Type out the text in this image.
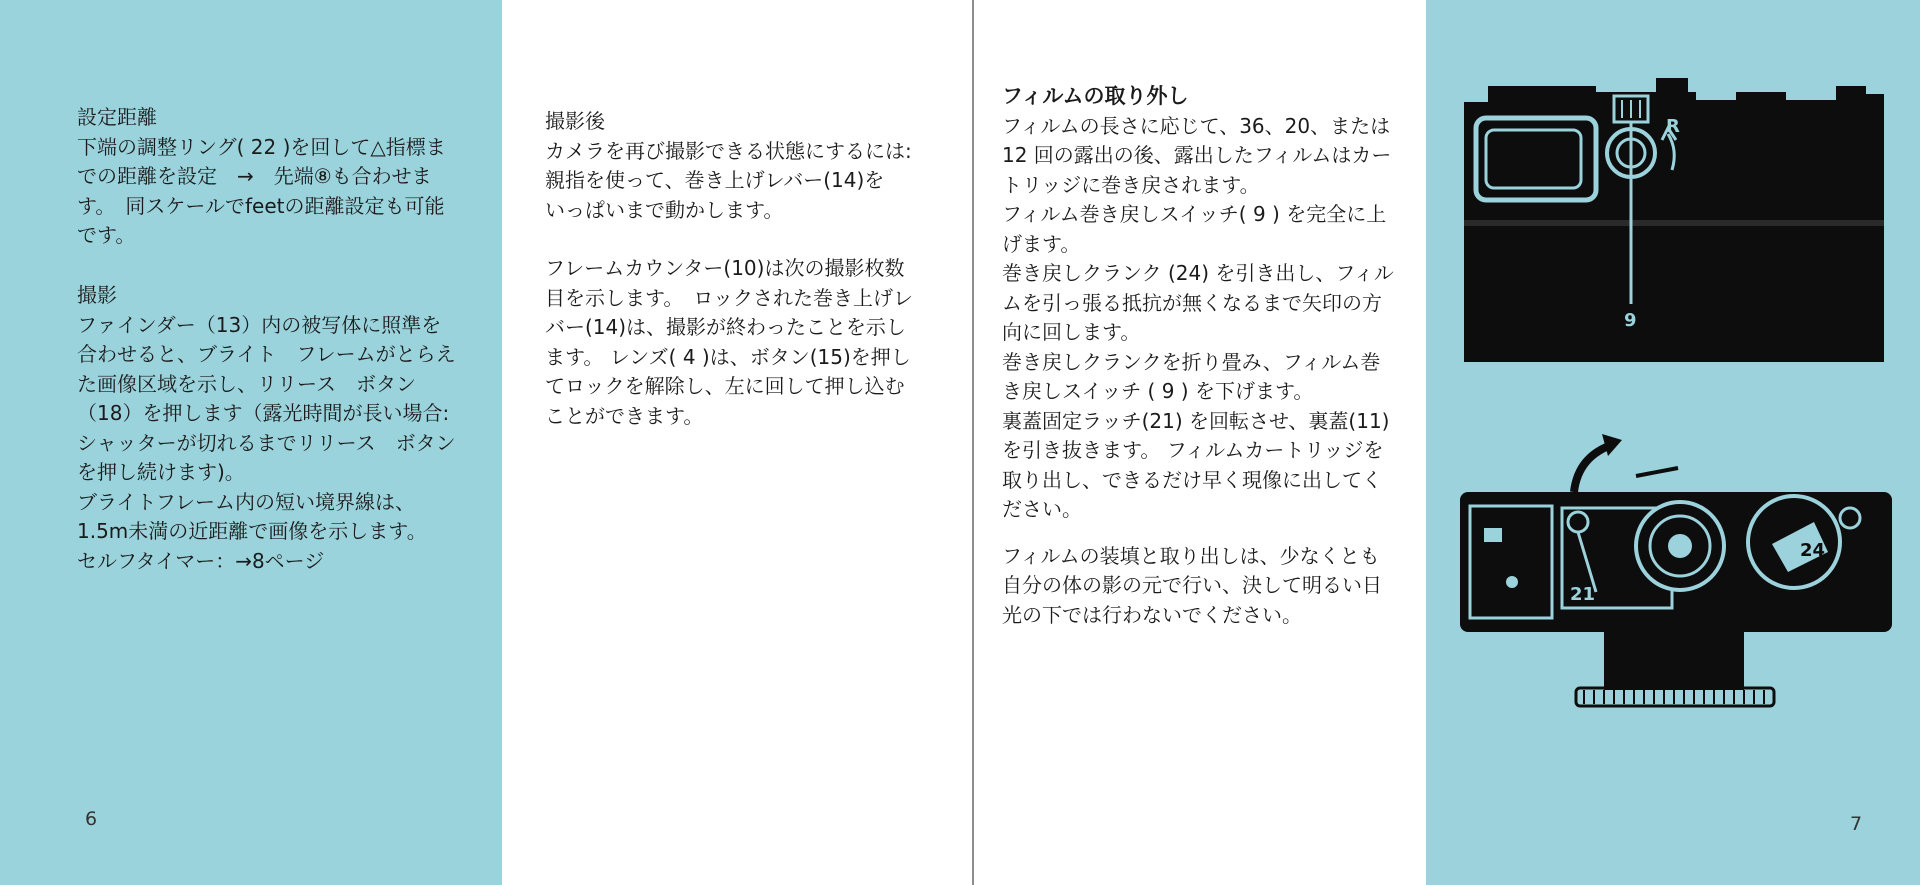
設定距離

下端の調整リング( 22 )を回して△指標ま

での距離を設定　→　先端⑧も合わせま

す。　同スケールでfeetの距離設定も可能

です。

撮影

ファインダー（13）内の被写体に照準を

合わせると、ブライト　フレームがとらえ

た画像区域を示し、リリース　ボタン

（18）を押します（露光時間が長い場合:

シャッターが切れるまでリリース　ボタン

を押し続けます)。

ブライトフレーム内の短い境界線は、

1.5m未満の近距離で画像を示します。

セルフタイマー：→8ページ

6

撮影後

カメラを再び撮影できる状態にするには:

親指を使って、巻き上げレバー(14)を

いっぱいまで動かします。

フレームカウンター(10)は次の撮影枚数

目を示します。　ロックされた巻き上げレ

バー(14)は、撮影が終わったことを示し

ます。 レンズ( 4 )は、ボタン(15)を押し

てロックを解除し、左に回して押し込む

ことができます。

フィルムの取り外し

フィルムの長さに応じて、36、20、または

12 回の露出の後、露出したフィルムはカー

トリッジに巻き戻されます。

フィルム巻き戻しスイッチ( 9 ) を完全に上

げます。

巻き戻しクランク (24) を引き出し、フィル

ムを引っ張る抵抗が無くなるまで矢印の方

向に回します。

巻き戻しクランクを折り畳み、フィルム巻

き戻しスイッチ ( 9 ) を下げます。

裏蓋固定ラッチ(21) を回転させ、裏蓋(11)

を引き抜きます。 フィルムカートリッジを

取り出し、できるだけ早く現像に出してく

ださい。

フィルムの装填と取り出しは、少なくとも

自分の体の影の元で行い、決して明るい日

光の下では行わないでください。

R
9
21
24
7
